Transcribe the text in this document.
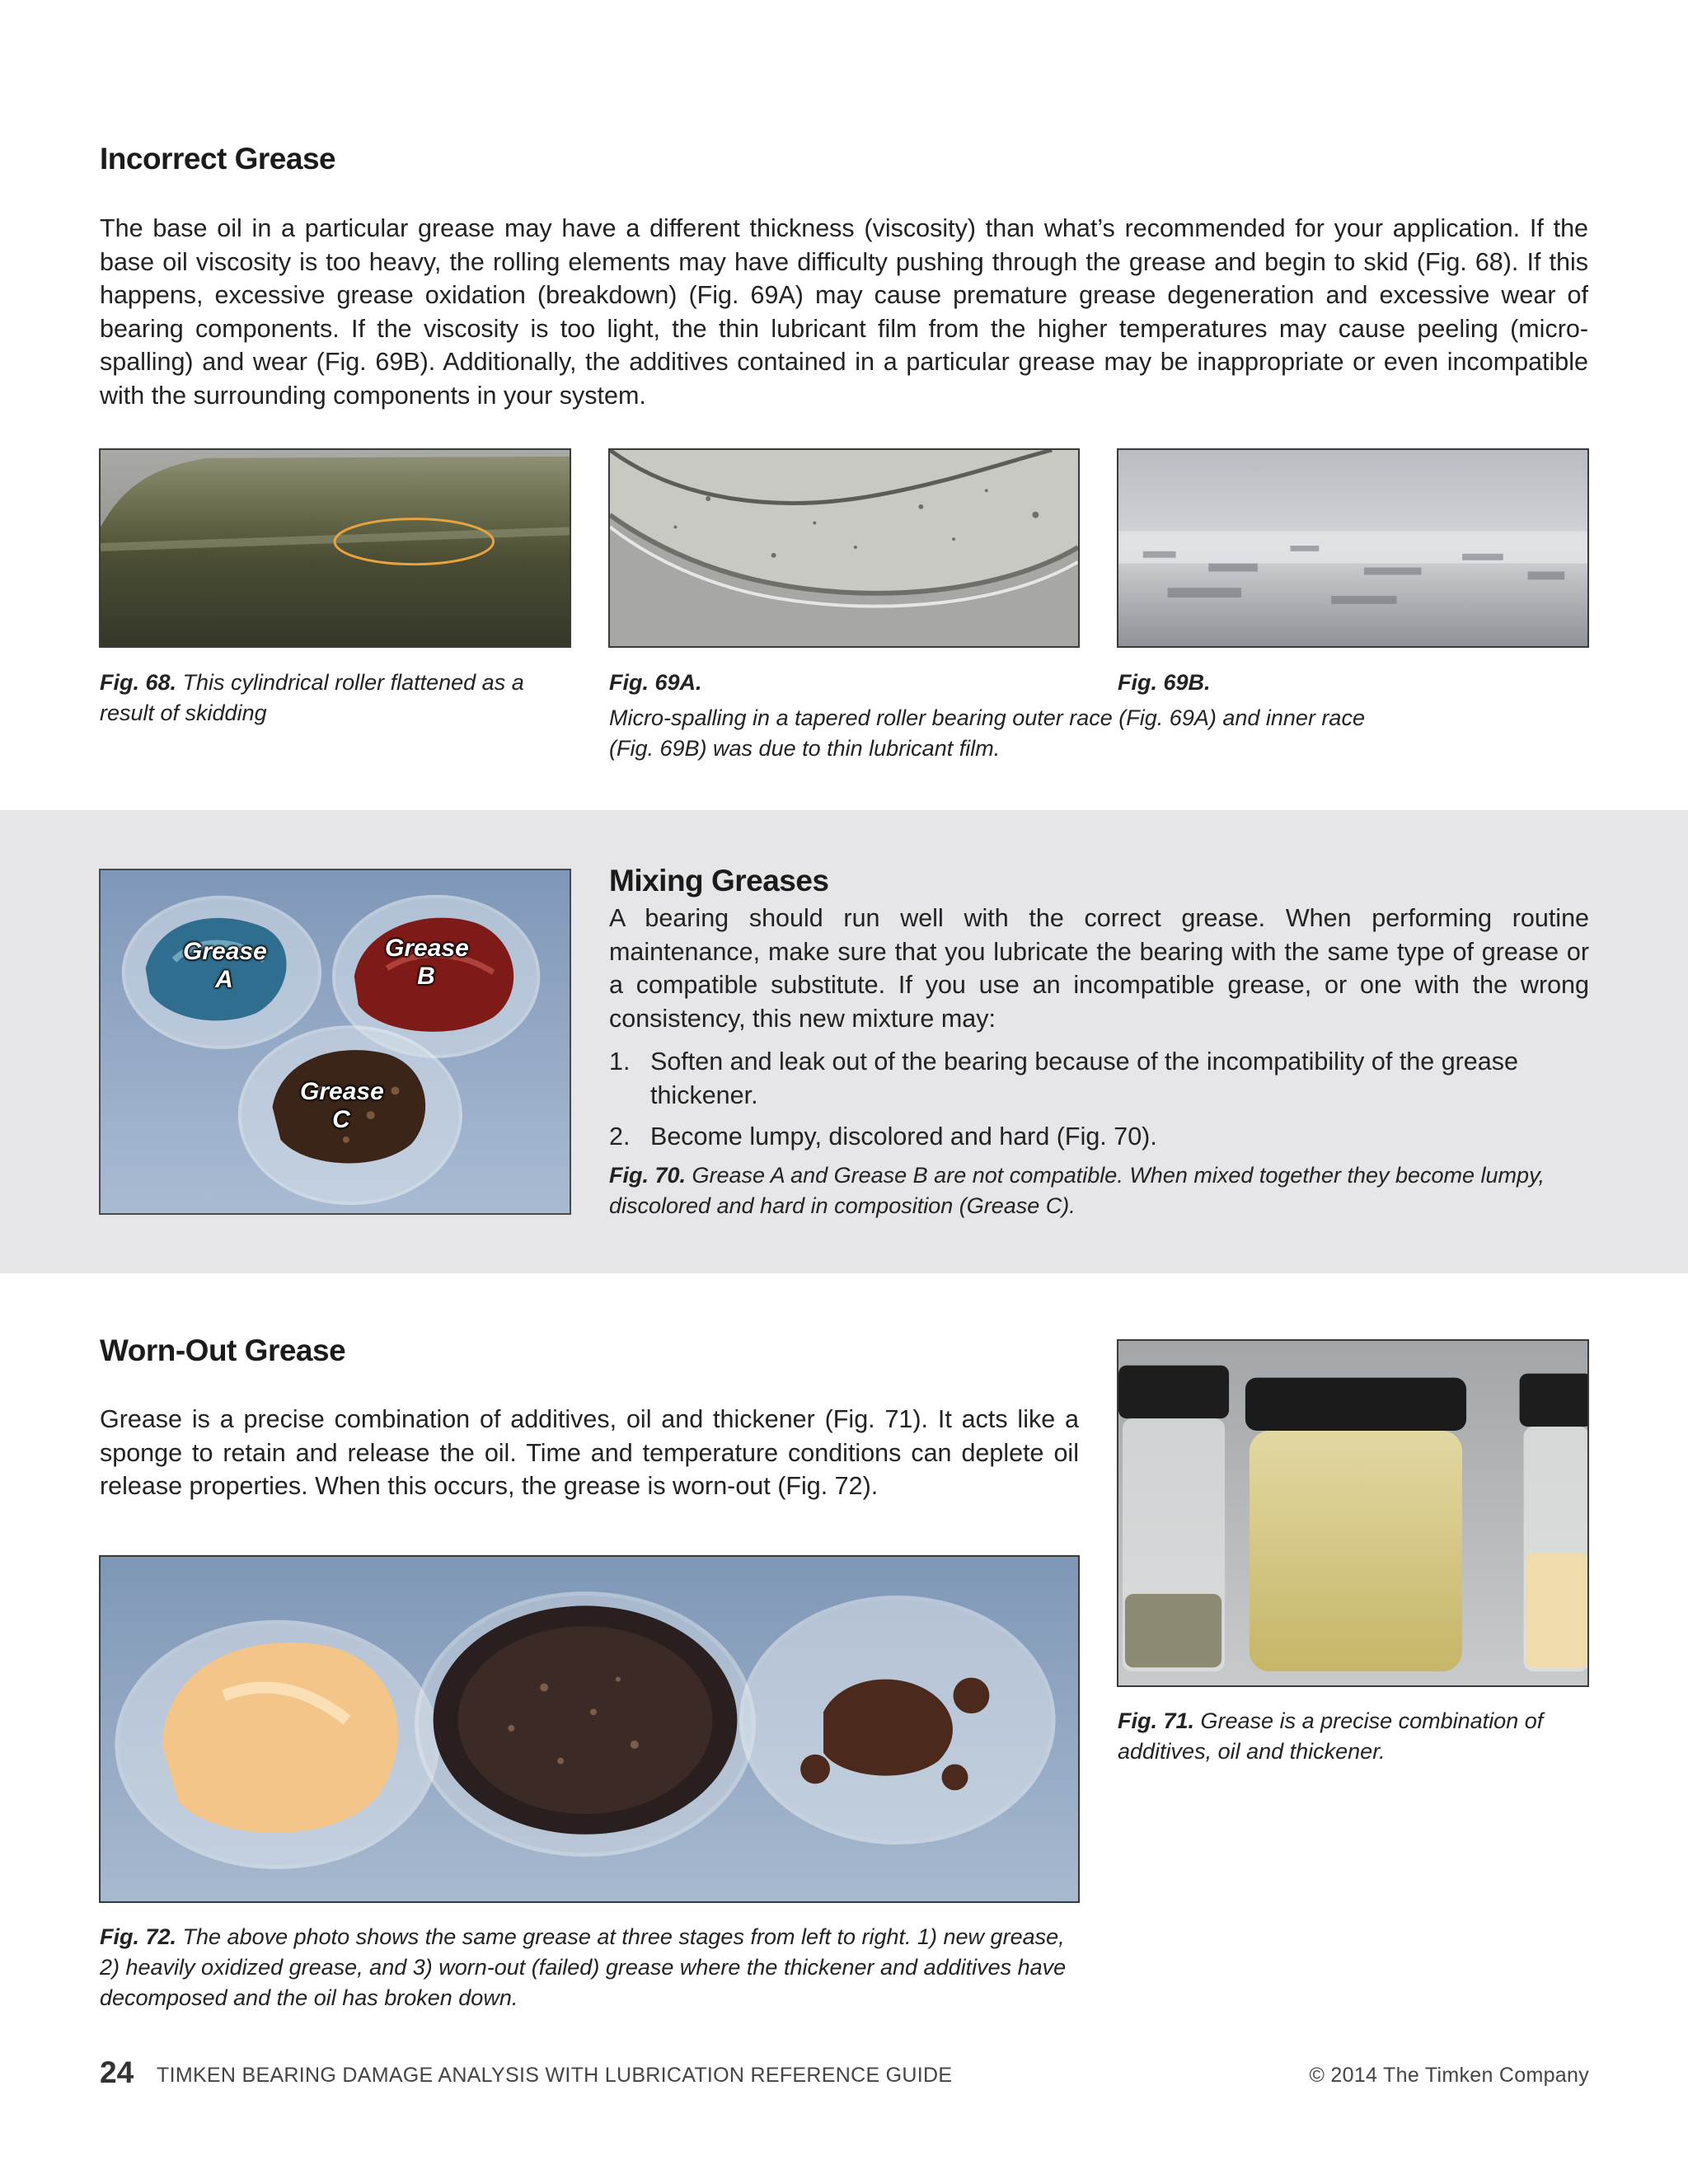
Incorrect Grease

The base oil in a particular grease may have a different thickness (viscosity) than what’s recommended for your application. If the base oil viscosity is too heavy, the rolling elements may have difficulty pushing through the grease and begin to skid (Fig. 68). If this happens, excessive grease oxidation (breakdown) (Fig. 69A) may cause premature grease degeneration and excessive wear of bearing components. If the viscosity is too light, the thin lubricant film from the higher temperatures may cause peeling (micro-spalling) and wear (Fig. 69B). Additionally, the additives contained in a particular grease may be inappropriate or even incompatible with the surrounding components in your system.

Fig. 68. This cylindrical roller flattened as a result of skidding
Fig. 69A.	Fig. 69B.
Micro-spalling in a tapered roller bearing outer race (Fig. 69A) and inner race (Fig. 69B) was due to thin lubricant film.
Grease
A
Grease
B
Grease
C
Mixing Greases

A bearing should run well with the correct grease. When performing routine maintenance, make sure that you lubricate the bearing with the same type of grease or a compatible substitute. If you use an incompatible grease, or one with the wrong consistency, this new mixture may:

1. Soften and leak out of the bearing because of the incompatibility of the grease thickener.
2. Become lumpy, discolored and hard (Fig. 70).
Fig. 70. Grease A and Grease B are not compatible. When mixed together they become lumpy, discolored and hard in composition (Grease C).
Worn-Out Grease

Grease is a precise combination of additives, oil and thickener (Fig. 71). It acts like a sponge to retain and release the oil. Time and temperature conditions can deplete oil release properties. When this occurs, the grease is worn-out (Fig. 72).

Fig. 71. Grease is a precise combination of additives, oil and thickener.
Fig. 72. The above photo shows the same grease at three stages from left to right. 1) new grease, 2) heavily oxidized grease, and 3) worn-out (failed) grease where the thickener and additives have decomposed and the oil has broken down.
24 TIMKEN BEARING DAMAGE ANALYSIS WITH LUBRICATION REFERENCE GUIDE	© 2014 The Timken Company
